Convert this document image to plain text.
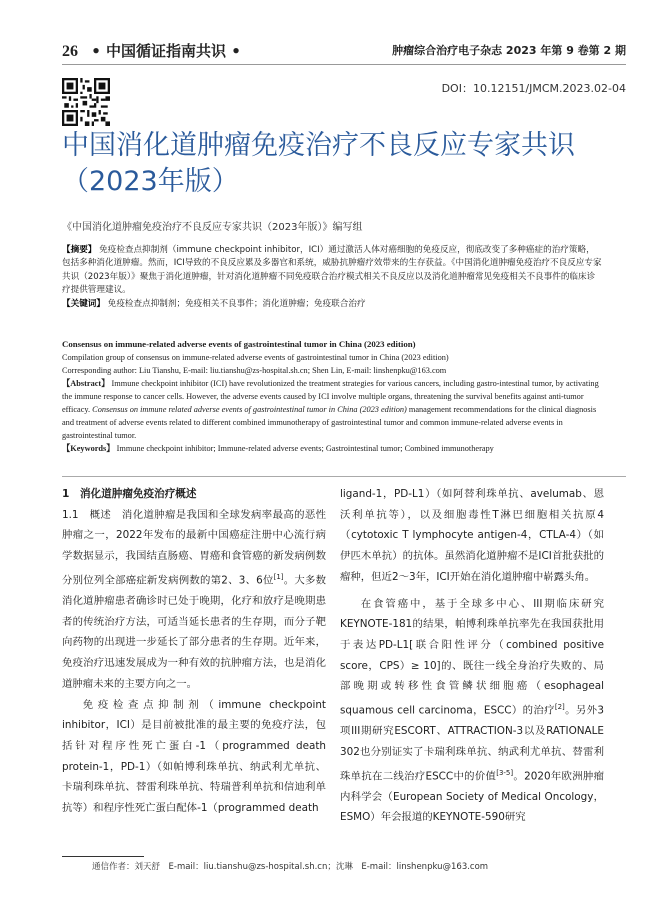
26 • 中国循证指南共识 •	肿瘤综合治疗电子杂志 2023 年第 9 卷第 2 期
DOI：10.12151/JMCM.2023.02-04
中国消化道肿瘤免疫治疗不良反应专家共识
（2023年版）
《中国消化道肿瘤免疫治疗不良反应专家共识（2023年版）》编写组
【摘要】 免疫检查点抑制剂（immune checkpoint inhibitor，ICI）通过激活人体对癌细胞的免疫反应，彻底改变了多种癌症的治疗策略，包括多种消化道肿瘤。然而，ICI导致的不良反应累及多器官和系统，威胁抗肿瘤疗效带来的生存获益。《中国消化道肿瘤免疫治疗不良反应专家共识（2023年版）》聚焦于消化道肿瘤，针对消化道肿瘤不同免疫联合治疗模式相关不良反应以及消化道肿瘤常见免疫相关不良事件的临床诊疗提供管理建议。
【关键词】 免疫检查点抑制剂；免疫相关不良事件；消化道肿瘤；免疫联合治疗
Consensus on immune-related adverse events of gastrointestinal tumor in China (2023 edition)
Compilation group of consensus on immune-related adverse events of gastrointestinal tumor in China (2023 edition)
Corresponding author: Liu Tianshu, E-mail: liu.tianshu@zs-hospital.sh.cn; Shen Lin, E-mail: linshenpku@163.com
【Abstract】 Immune checkpoint inhibitor (ICI) have revolutionized the treatment strategies for various cancers, including gastro-intestinal tumor, by activating the immune response to cancer cells. However, the adverse events caused by ICI involve multiple organs, threatening the survival benefits against anti-tumor efficacy. Consensus on immune related adverse events of gastrointestinal tumor in China (2023 edition) management recommendations for the clinical diagnosis and treatment of adverse events related to different combined immunotherapy of gastrointestinal tumor and common immune-related adverse events in gastrointestinal tumor.
【Keywords】 Immune checkpoint inhibitor; Immune-related adverse events; Gastrointestinal tumor; Combined immunotherapy

1　消化道肿瘤免疫治疗概述

1.1　概述　消化道肿瘤是我国和全球发病率最高的恶性肿瘤之一，2022年发布的最新中国癌症注册中心流行病学数据显示，我国结直肠癌、胃癌和食管癌的新发病例数分别位列全部癌症新发病例数的第2、3、6位[1]。大多数消化道肿瘤患者确诊时已处于晚期，化疗和放疗是晚期患者的传统治疗方法，可适当延长患者的生存期，而分子靶向药物的出现进一步延长了部分患者的生存期。近年来，免疫治疗迅速发展成为一种有效的抗肿瘤方法，也是消化道肿瘤未来的主要方向之一。

免疫检查点抑制剂（immune checkpoint inhibitor，ICI）是目前被批准的最主要的免疫疗法，包括针对程序性死亡蛋白-1（programmed death protein-1，PD-1）（如帕博利珠单抗、纳武利尤单抗、卡瑞利珠单抗、替雷利珠单抗、特瑞普利单抗和信迪利单抗等）和程序性死亡蛋白配体-1（programmed death

ligand-1，PD-L1）（如阿替利珠单抗、avelumab、恩沃利单抗等），以及细胞毒性T淋巴细胞相关抗原4（cytotoxic T lymphocyte antigen-4，CTLA-4）（如伊匹木单抗）的抗体。虽然消化道肿瘤不是ICI首批获批的瘤种，但近2～3年，ICI开始在消化道肿瘤中崭露头角。

在食管癌中，基于全球多中心、III期临床研究KEYNOTE-181的结果，帕博利珠单抗率先在我国获批用于表达PD-L1[联合阳性评分（combined positive score，CPS）≥ 10]的、既往一线全身治疗失败的、局部晚期或转移性食管鳞状细胞癌（esophageal squamous cell carcinoma，ESCC）的治疗[2]。另外3项III期研究ESCORT、ATTRACTION-3以及RATIONALE 302也分别证实了卡瑞利珠单抗、纳武利尤单抗、替雷利珠单抗在二线治疗ESCC中的价值[3-5]。2020年欧洲肿瘤内科学会（European Society of Medical Oncology，ESMO）年会报道的KEYNOTE-590研究

通信作者：刘天舒　E-mail：liu.tianshu@zs-hospital.sh.cn；沈琳　E-mail：linshenpku@163.com
